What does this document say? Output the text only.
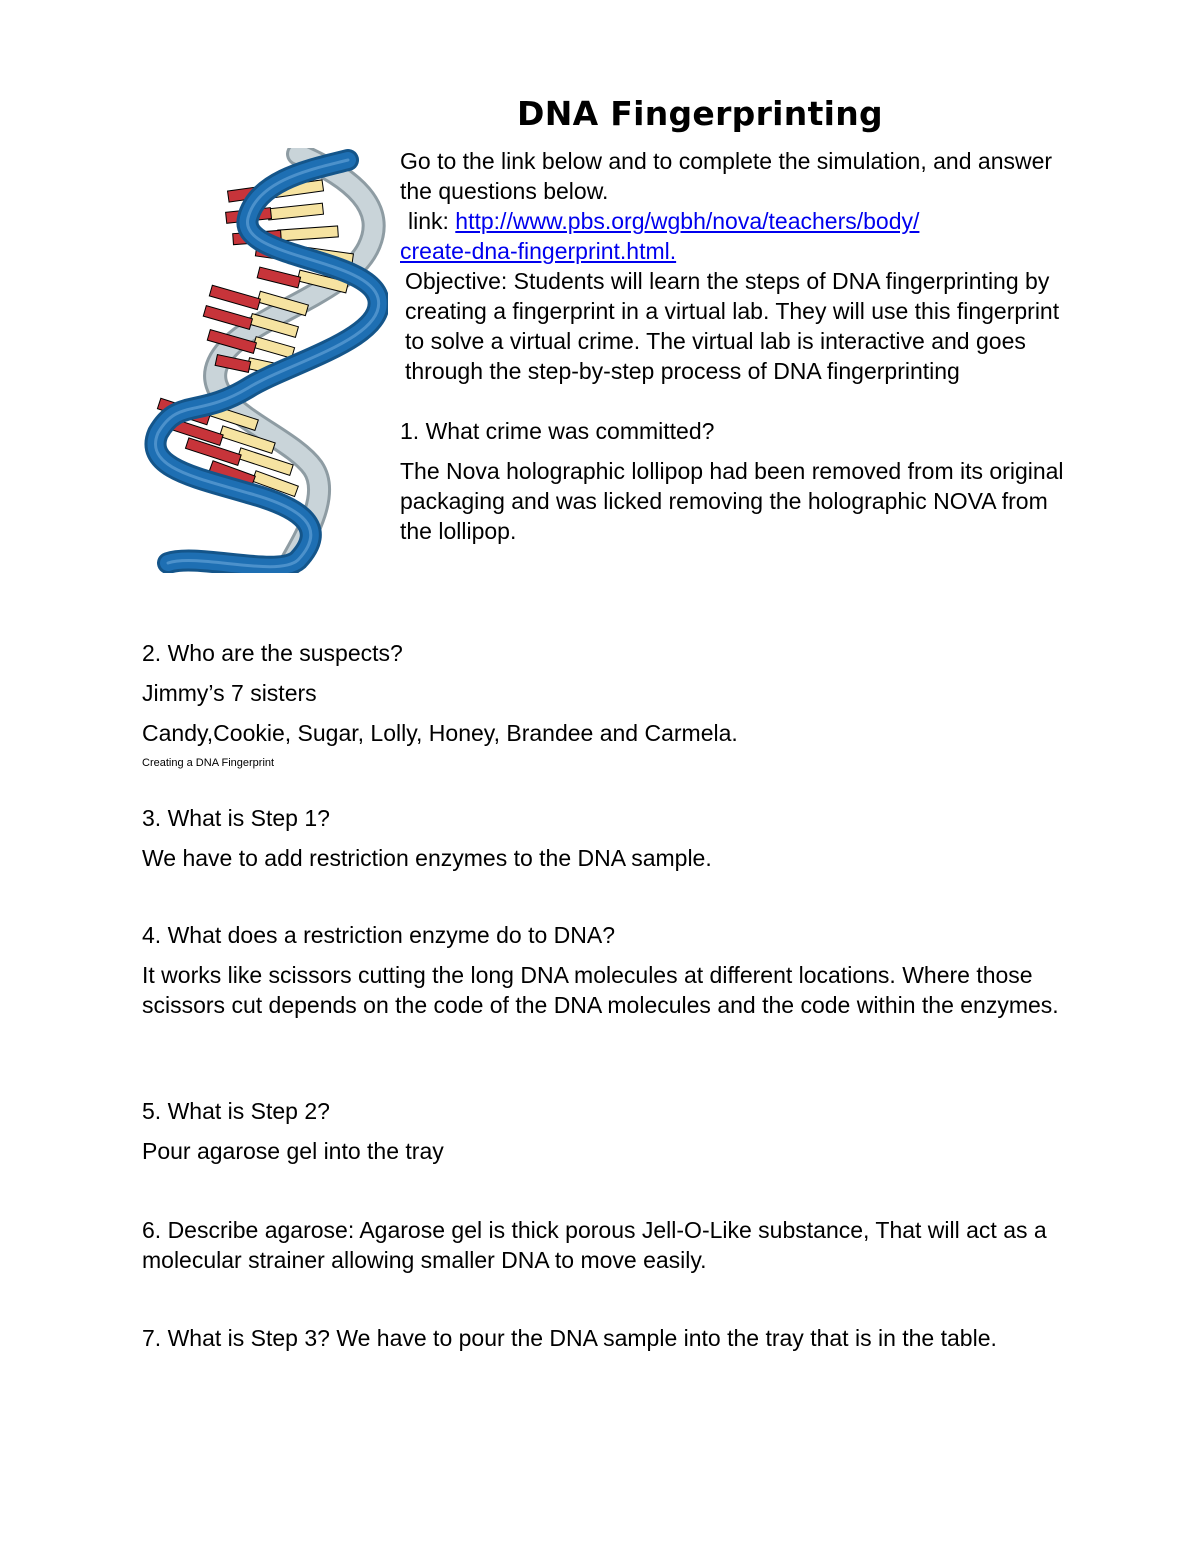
DNA Fingerprinting

Go to the link below and to complete the simulation, and answer the questions below.

link: http://www.pbs.org/wgbh/nova/teachers/body/

create-dna-fingerprint.html.

Objective: Students will learn the steps of DNA fingerprinting by creating a fingerprint in a virtual lab. They will use this fingerprint to solve a virtual crime. The virtual lab is interactive and goes through the step-by-step process of DNA fingerprinting

1. What crime was committed?

The Nova holographic lollipop had been removed from its original packaging and was licked removing the holographic NOVA from the lollipop.

2. Who are the suspects?

Jimmy’s 7 sisters

Candy,Cookie, Sugar, Lolly, Honey, Brandee and Carmela.

Creating a DNA Fingerprint

3. What is Step 1?

We have to add restriction enzymes to the DNA sample.

4. What does a restriction enzyme do to DNA?

It works like scissors cutting the long DNA molecules at different locations. Where those scissors cut depends on the code of the DNA molecules and the code within the enzymes.

5. What is Step 2?

Pour agarose gel into the tray

6. Describe agarose: Agarose gel is thick porous Jell-O-Like substance, That will act as a molecular strainer allowing smaller DNA to move easily.

7. What is Step 3? We have to pour the DNA sample into the tray that is in the table.
